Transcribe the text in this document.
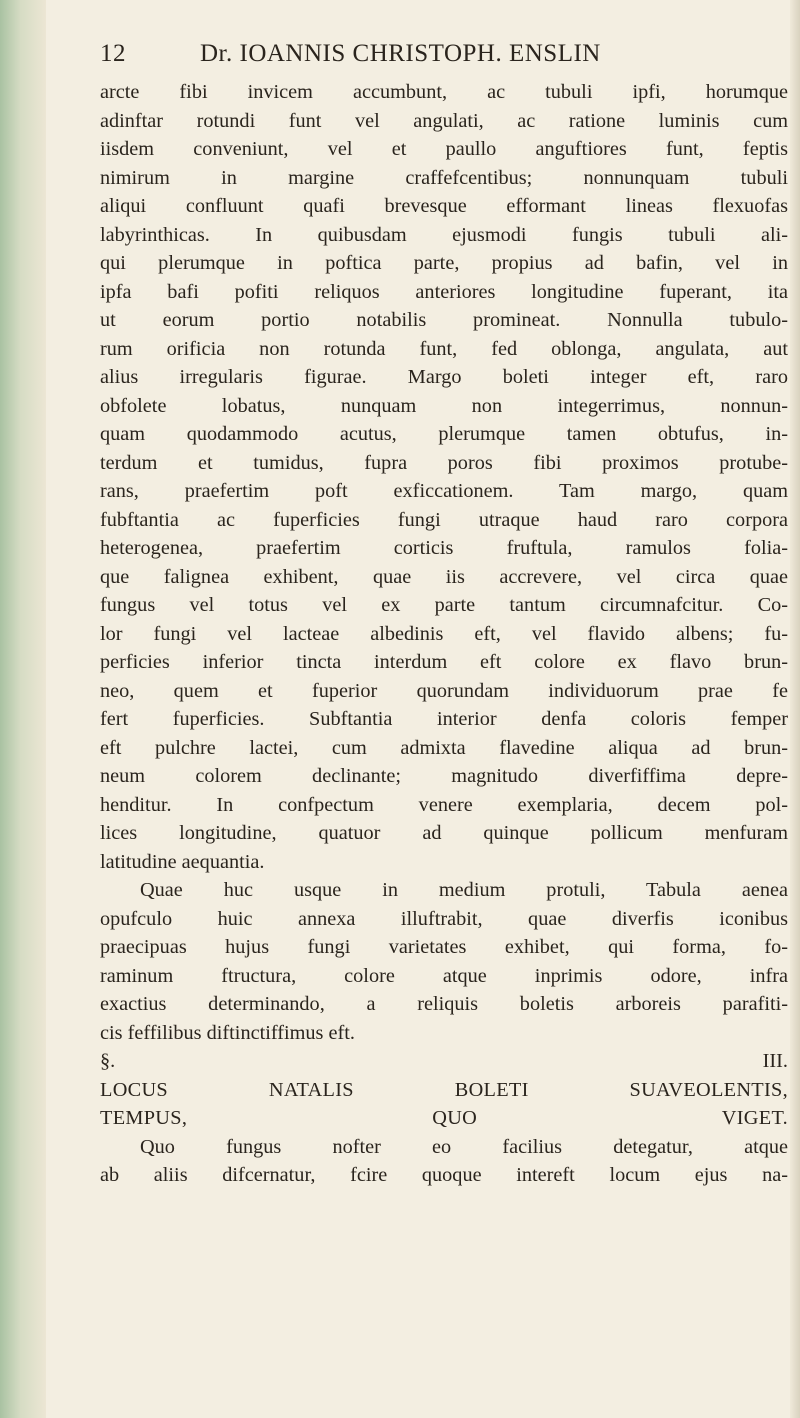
12	Dr. IOANNIS CHRISTOPH. ENSLIN

arcte fibi invicem accumbunt, ac tubuli ipfi, horumque

adinftar rotundi funt vel angulati, ac ratione luminis cum

iisdem conveniunt, vel et paullo anguftiores funt, feptis

nimirum in margine craffefcentibus; nonnunquam tubuli

aliqui confluunt quafi brevesque efformant lineas flexuofas

labyrinthicas. In quibusdam ejusmodi fungis tubuli ali-

qui plerumque in poftica parte, propius ad bafin, vel in

ipfa bafi pofiti reliquos anteriores longitudine fuperant, ita

ut eorum portio notabilis promineat. Nonnulla tubulo-

rum orificia non rotunda funt, fed oblonga, angulata, aut

alius irregularis figurae. Margo boleti integer eft, raro

obfolete lobatus, nunquam non integerrimus, nonnun-

quam quodammodo acutus, plerumque tamen obtufus, in-

terdum et tumidus, fupra poros fibi proximos protube-

rans, praefertim poft exficcationem. Tam margo, quam

fubftantia ac fuperficies fungi utraque haud raro corpora

heterogenea, praefertim corticis fruftula, ramulos folia-

que falignea exhibent, quae iis accrevere, vel circa quae

fungus vel totus vel ex parte tantum circumnafcitur. Co-

lor fungi vel lacteae albedinis eft, vel flavido albens; fu-

perficies inferior tincta interdum eft colore ex flavo brun-

neo, quem et fuperior quorundam individuorum prae fe

fert fuperficies. Subftantia interior denfa coloris femper

eft pulchre lactei, cum admixta flavedine aliqua ad brun-

neum colorem declinante; magnitudo diverfiffima depre-

henditur. In confpectum venere exemplaria, decem pol-

lices longitudine, quatuor ad quinque pollicum menfuram

latitudine aequantia.

Quae huc usque in medium protuli, Tabula aenea

opufculo huic annexa illuftrabit, quae diverfis iconibus

praecipuas hujus fungi varietates exhibet, qui forma, fo-

raminum ftructura, colore atque inprimis odore, infra

exactius determinando, a reliquis boletis arboreis parafiti-

cis feffilibus diftinctiffimus eft.

§. III.

LOCUS NATALIS BOLETI SUAVEOLENTIS,

TEMPUS, QUO VIGET.

Quo fungus nofter eo facilius detegatur, atque

ab aliis difcernatur, fcire quoque intereft locum ejus na-
